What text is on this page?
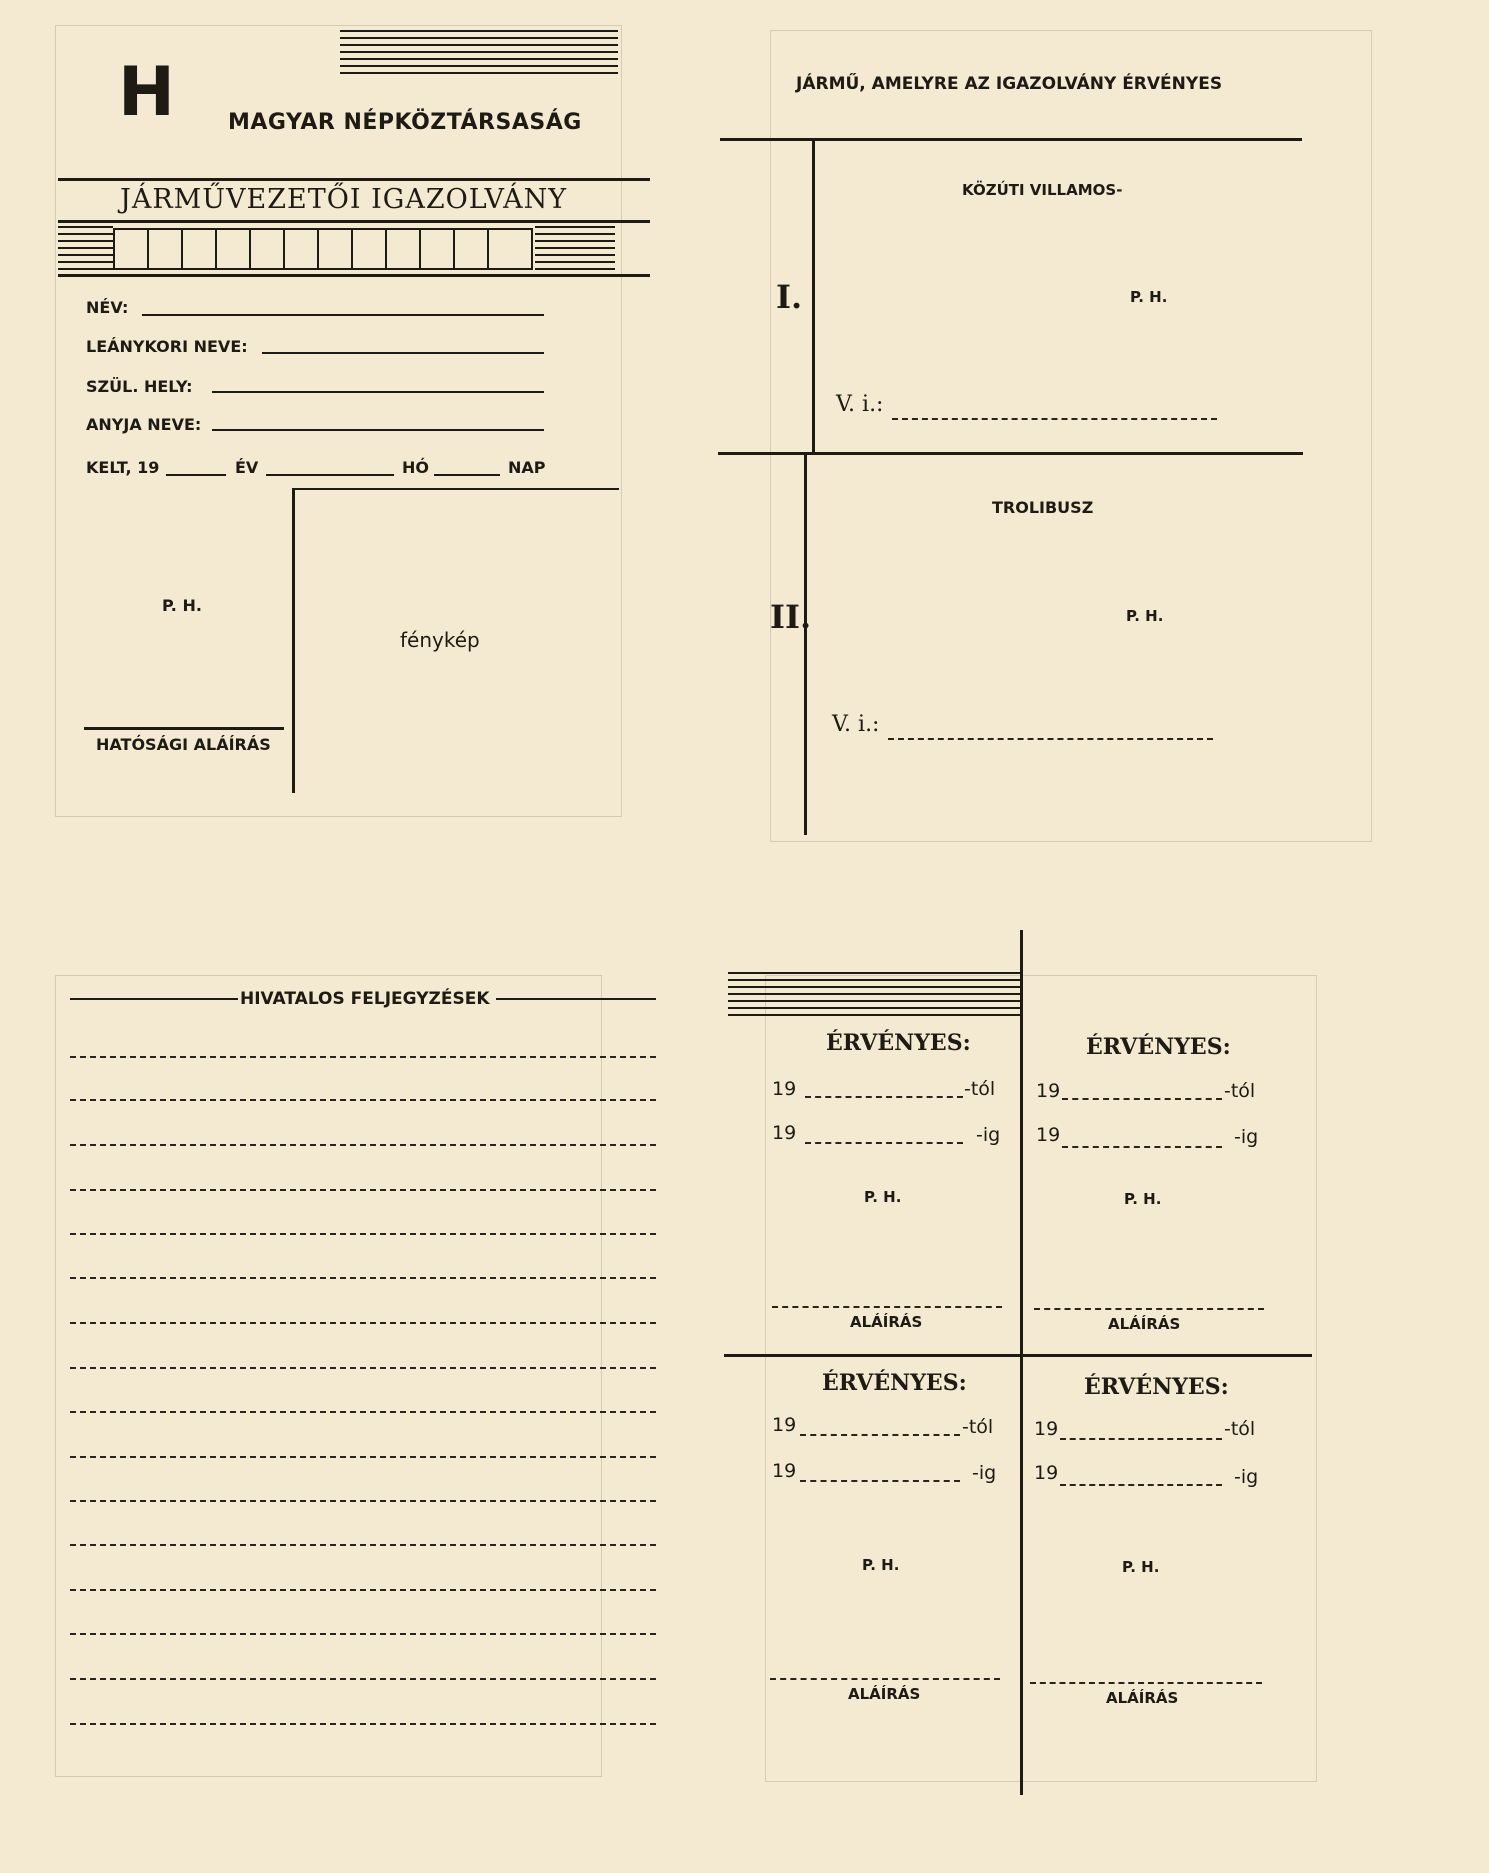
H MAGYAR NÉPKÖZTÁRSASÁG
JÁRMŰVEZETŐI IGAZOLVÁNY
NÉV:
LEÁNYKORI NEVE:
SZÜL. HELY:
ANYJA NEVE:
KELT, 19	ÉV	HÓ	NAP
fénykép
P. H.
HATÓSÁGI ALÁÍRÁS
JÁRMŰ, AMELYRE AZ IGAZOLVÁNY ÉRVÉNYES
I.
KÖZÚTI VILLAMOS-
P. H.
V. i.:
II.
TROLIBUSZ
P. H.
V. i.:
HIVATALOS FELJEGYZÉSEK
ÉRVÉNYES:
19	-tól
19	-ig
P. H.
ALÁÍRÁS
ÉRVÉNYES:
19	-tól
19	-ig
P. H.
ALÁÍRÁS
ÉRVÉNYES:
19	-tól
19	-ig
P. H.
ALÁÍRÁS
ÉRVÉNYES:
19	-tól
19	-ig
P. H.
ALÁÍRÁS
